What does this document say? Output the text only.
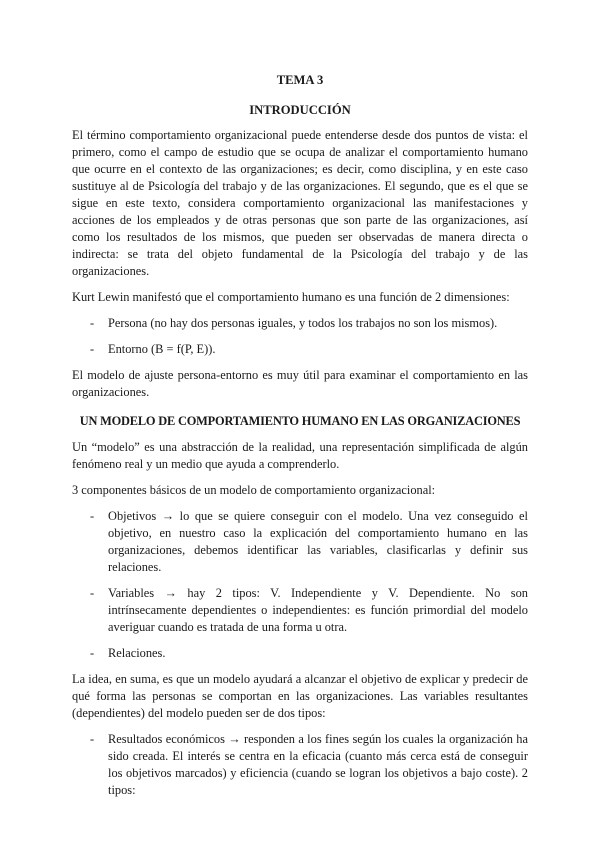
TEMA 3
INTRODUCCIÓN

El término comportamiento organizacional puede entenderse desde dos puntos de vista: el primero, como el campo de estudio que se ocupa de analizar el comportamiento humano que ocurre en el contexto de las organizaciones; es decir, como disciplina, y en este caso sustituye al de Psicología del trabajo y de las organizaciones. El segundo, que es el que se sigue en este texto, considera comportamiento organizacional las manifestaciones y acciones de los empleados y de otras personas que son parte de las organizaciones, así como los resultados de los mismos, que pueden ser observadas de manera directa o indirecta: se trata del objeto fundamental de la Psicología del trabajo y de las organizaciones.

Kurt Lewin manifestó que el comportamiento humano es una función de 2 dimensiones:

- Persona (no hay dos personas iguales, y todos los trabajos no son los mismos).
- Entorno (B = f(P, E)).

El modelo de ajuste persona-entorno es muy útil para examinar el comportamiento en las organizaciones.

UN MODELO DE COMPORTAMIENTO HUMANO EN LAS ORGANIZACIONES

Un “modelo” es una abstracción de la realidad, una representación simplificada de algún fenómeno real y un medio que ayuda a comprenderlo.

3 componentes básicos de un modelo de comportamiento organizacional:

- Objetivos → lo que se quiere conseguir con el modelo. Una vez conseguido el objetivo, en nuestro caso la explicación del comportamiento humano en las organizaciones, debemos identificar las variables, clasificarlas y definir sus relaciones.
- Variables → hay 2 tipos: V. Independiente y V. Dependiente. No son intrínsecamente dependientes o independientes: es función primordial del modelo averiguar cuando es tratada de una forma u otra.
- Relaciones.

La idea, en suma, es que un modelo ayudará a alcanzar el objetivo de explicar y predecir de qué forma las personas se comportan en las organizaciones. Las variables resultantes (dependientes) del modelo pueden ser de dos tipos:

- Resultados económicos → responden a los fines según los cuales la organización ha sido creada. El interés se centra en la eficacia (cuanto más cerca está de conseguir los objetivos marcados) y eficiencia (cuando se logran los objetivos a bajo coste). 2 tipos:
